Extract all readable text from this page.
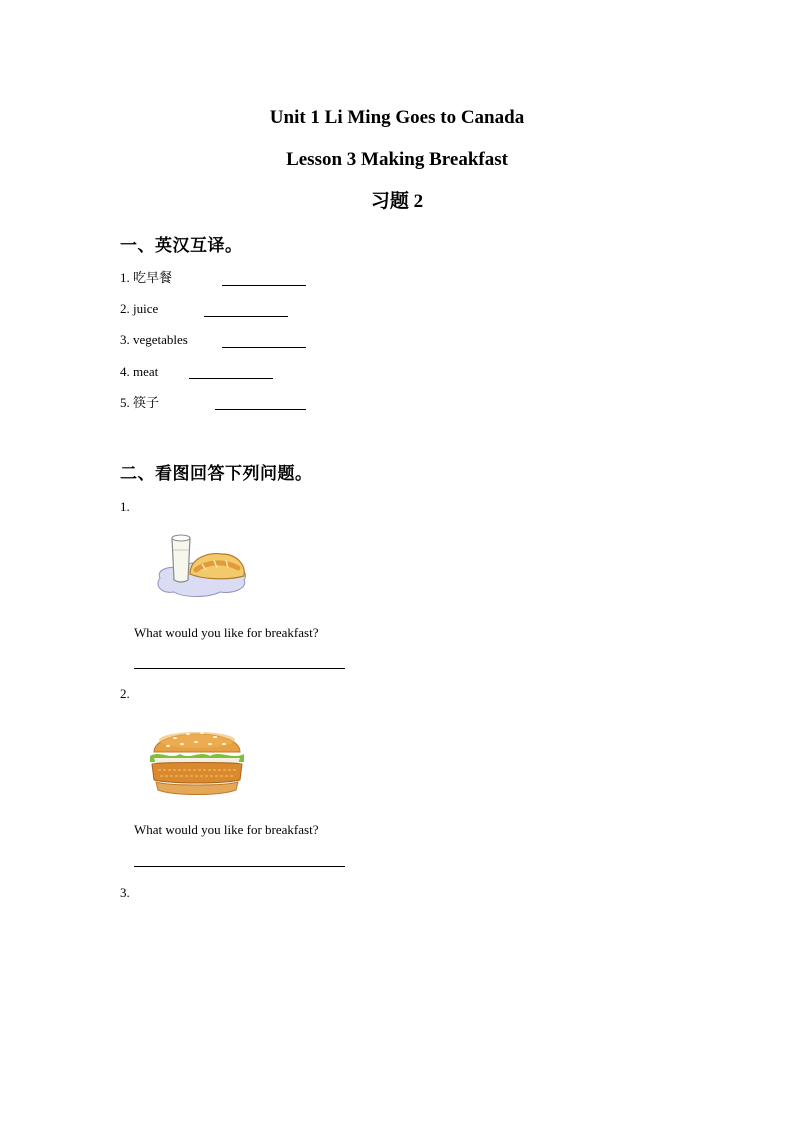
Unit 1 Li Ming Goes to Canada
Lesson 3 Making Breakfast
习题 2
一、英汉互译。
1. 吃早餐
2. juice
3. vegetables
4. meat
5. 筷子
二、看图回答下列问题。
1.
What would you like for breakfast?
2.
What would you like for breakfast?
3.
